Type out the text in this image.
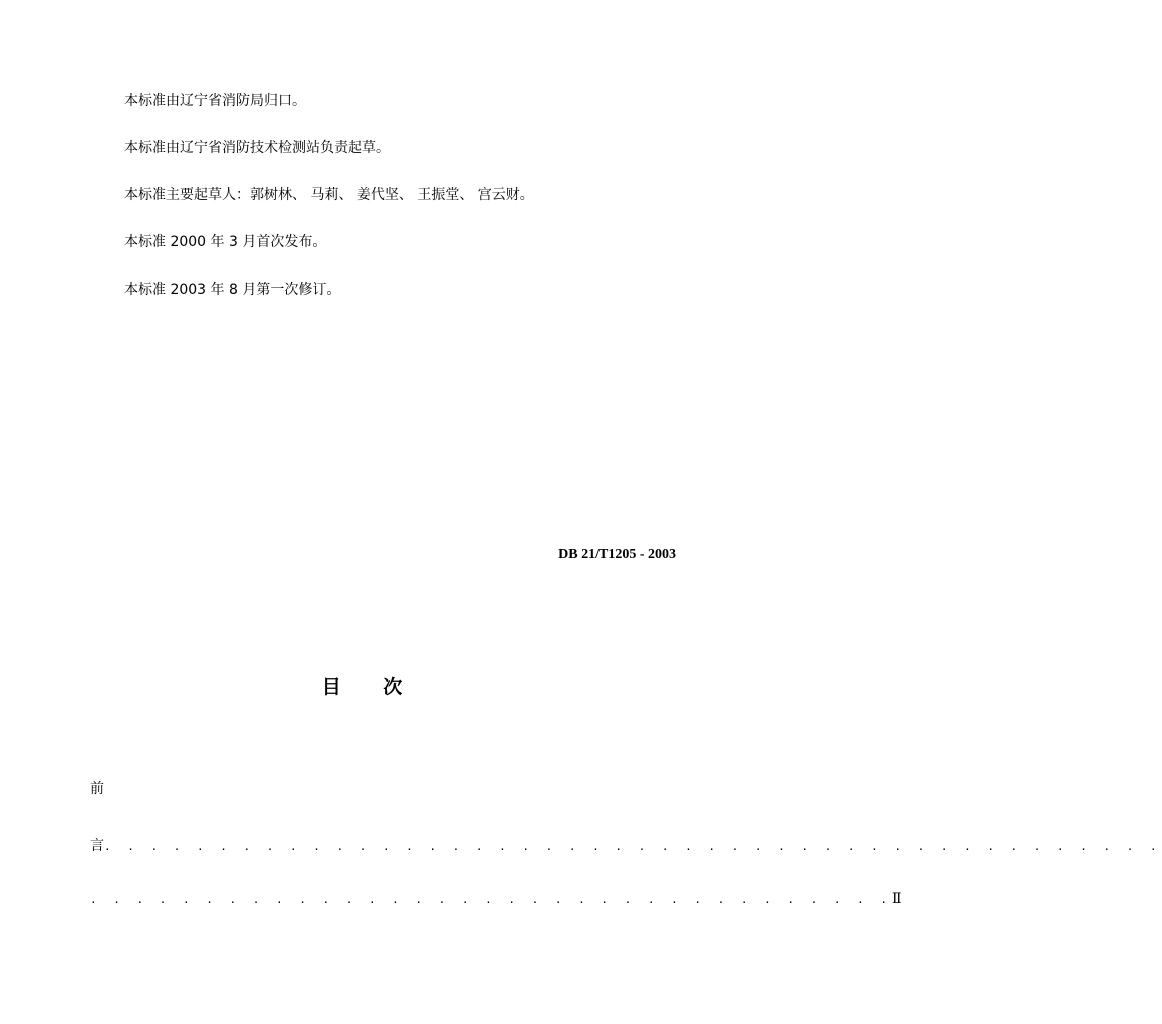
本标准由辽宁省消防局归口。

本标准由辽宁省消防技术检测站负责起草。

本标准主要起草人：郭树林、 马莉、 姜代坚、 王振堂、 宫云财。

本标准 2000 年 3 月首次发布。

本标准 2003 年 8 月第一次修订。

DB 21/T1205 - 2003

目 次

前

言. . . . . . . . . . . . . . . . . . . . . . . . . . . . . . . . . . . . . . . . . . . . . .

. . . . . . . . . . . . . . . . . . . . . . . . . . . . . . . . . . .Ⅱ
